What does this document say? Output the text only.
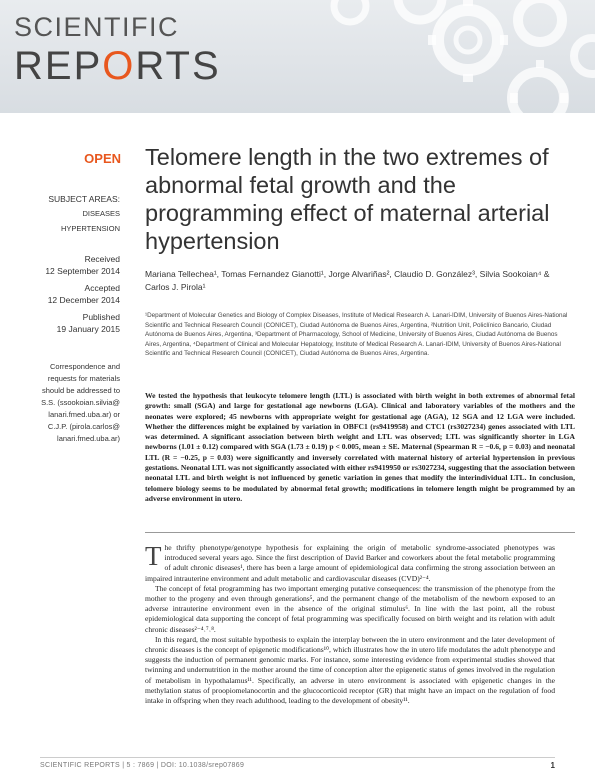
SCIENTIFIC
REPORTS
OPEN
SUBJECT AREAS:
DISEASES
HYPERTENSION
Received
12 September 2014
Accepted
12 December 2014
Published
19 January 2015
Correspondence and
requests for materials
should be addressed to
S.S. (ssookoian.silvia@
lanari.fmed.uba.ar) or
C.J.P. (pirola.carlos@
lanari.fmed.uba.ar)
Telomere length in the two extremes of abnormal fetal growth and the programming effect of maternal arterial hypertension
Mariana Tellechea¹, Tomas Fernandez Gianotti¹, Jorge Alvariñas², Claudio D. González³, Silvia Sookoian⁴ & Carlos J. Pirola¹
¹Department of Molecular Genetics and Biology of Complex Diseases, Institute of Medical Research A. Lanari-IDIM, University of Buenos Aires-National Scientific and Technical Research Council (CONICET), Ciudad Autónoma de Buenos Aires, Argentina, ²Nutrition Unit, Policlínico Bancario, Ciudad Autónoma de Buenos Aires, Argentina, ³Department of Pharmacology, School of Medicine, University of Buenos Aires, Ciudad Autónoma de Buenos Aires, Argentina, ⁴Department of Clinical and Molecular Hepatology, Institute of Medical Research A. Lanari-IDIM, University of Buenos Aires-National Scientific and Technical Research Council (CONICET), Ciudad Autónoma de Buenos Aires, Argentina.
We tested the hypothesis that leukocyte telomere length (LTL) is associated with birth weight in both extremes of abnormal fetal growth: small (SGA) and large for gestational age newborns (LGA). Clinical and laboratory variables of the mothers and the neonates were explored; 45 newborns with appropriate weight for gestational age (AGA), 12 SGA and 12 LGA were included. Whether the differences might be explained by variation in OBFC1 (rs9419958) and CTC1 (rs3027234) genes associated with LTL was determined. A significant association between birth weight and LTL was observed; LTL was significantly shorter in LGA newborns (1.01 ± 0.12) compared with SGA (1.73 ± 0.19) p < 0.005, mean ± SE. Maternal (Spearman R = −0.6, p = 0.03) and neonatal LTL (R = −0.25, p = 0.03) were significantly and inversely correlated with maternal history of arterial hypertension in previous gestations. Neonatal LTL was not significantly associated with either rs9419950 or rs3027234, suggesting that the association between neonatal LTL and birth weight is not influenced by genetic variation in genes that modify the interindividual LTL. In conclusion, telomere biology seems to be modulated by abnormal fetal growth; modifications in telomere length might be programmed by an adverse environment in utero.

The thrifty phenotype/genotype hypothesis for explaining the origin of metabolic syndrome-associated phenotypes was introduced several years ago. Since the first description of David Barker and coworkers about the fetal metabolic programming of adult chronic diseases¹, there has been a large amount of epidemiological data confirming the strong association between an impaired intrauterine environment and adult metabolic and cardiovascular diseases (CVD)²⁻⁴.

The concept of fetal programming has two important emerging putative consequences: the transmission of the phenotype from the mother to the progeny and even through generations⁵, and the permanent change of the metabolism of the newborn exposed to an adverse intrauterine environment even in the absence of the original stimulus⁶. In line with the last point, all the robust epidemiological data supporting the concept of fetal programming was specifically focused on birth weight and its relation with adult chronic diseases²⁻⁴˒⁷˒⁸.

In this regard, the most suitable hypothesis to explain the interplay between the in utero environment and the later development of chronic diseases is the concept of epigenetic modifications¹⁰, which illustrates how the in utero life modulates the adult phenotype and suggests the induction of permanent genomic marks. For instance, some interesting evidence from experimental studies showed that twinning and undernutrition in the mother around the time of conception alter the epigenetic status of genes involved in the regulation of metabolism in hypothalamus¹¹. Specifically, an adverse in utero environment is associated with epigenetic changes in the methylation status of proopiomelanocortin and the glucocorticoid receptor (GR) that might have an impact on the regulation of food intake in offspring when they reach adulthood, leading to the development of obesity¹¹.

SCIENTIFIC REPORTS | 5 : 7869 | DOI: 10.1038/srep07869	1
